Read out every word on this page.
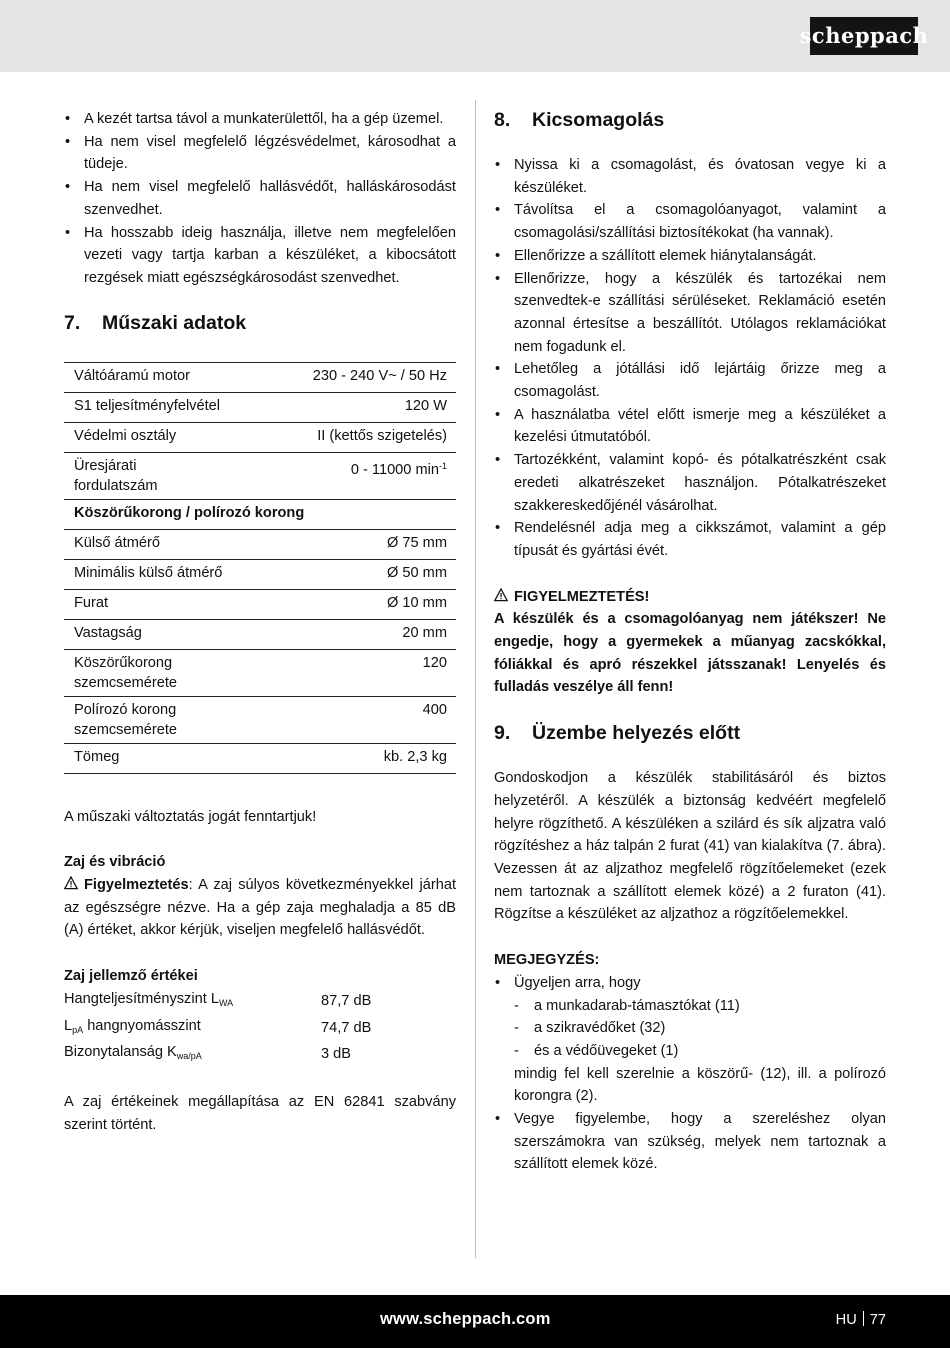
scheppach
• A kezét tartsa távol a munkaterülettől, ha a gép üzemel.
• Ha nem visel megfelelő légzésvédelmet, károsodhat a tüdeje.
• Ha nem visel megfelelő hallásvédőt, halláskárosodást szenvedhet.
• Ha hosszabb ideig használja, illetve nem megfelelően vezeti vagy tartja karban a készüléket, a kibocsátott rezgések miatt egészségkárosodást szenvedhet.
7. Műszaki adatok
Váltóáramú motor	230 - 240 V~ / 50 Hz
S1 teljesítményfelvétel	120 W
Védelmi osztály	II (kettős szigetelés)
Üresjárati fordulatszám	0 - 11000 $\min^{-1}$
Köszörűkorong / polírozó korong	
Külső átmérő	Ø 75 mm
Minimális külső átmérő	Ø 50 mm
Furat	Ø 10 mm
Vastagság	20 mm
Köszörűkorong szemcsemérete	120
Polírozó korong szemcsemérete	400
Tömeg	kb. 2,3 kg

A műszaki változtatás jogát fenntartjuk!

Zaj és vibráció

Figyelmeztetés: A zaj súlyos következményekkel járhat az egészségre nézve. Ha a gép zaja meghaladja a 85 dB (A) értéket, akkor kérjük, viseljen megfelelő hallásvédőt.

Zaj jellemző értékei

Hangteljesítményszint $L_{WA}$	87,7 dB
$L_{pA}$ hangnyomásszint	74,7 dB
Bizonytalanság $K_{wa/pA}$	3 dB

A zaj értékeinek megállapítása az EN 62841 szabvány szerint történt.

8. Kicsomagolás
• Nyissa ki a csomagolást, és óvatosan vegye ki a készüléket.
• Távolítsa el a csomagolóanyagot, valamint a csomagolási/szállítási biztosítékokat (ha vannak).
• Ellenőrizze a szállított elemek hiánytalanságát.
• Ellenőrizze, hogy a készülék és tartozékai nem szenvedtek-e szállítási sérüléseket. Reklamáció esetén azonnal értesítse a beszállítót. Utólagos reklamációkat nem fogadunk el.
• Lehetőleg a jótállási idő lejártáig őrizze meg a csomagolást.
• A használatba vétel előtt ismerje meg a készüléket a kezelési útmutatóból.
• Tartozékként, valamint kopó- és pótalkatrészként csak eredeti alkatrészeket használjon. Pótalkatrészeket szakkereskedőjénél vásárolhat.
• Rendelésnél adja meg a cikkszámot, valamint a gép típusát és gyártási évét.

FIGYELMEZTETÉS!

A készülék és a csomagolóanyag nem játékszer! Ne engedje, hogy a gyermekek a műanyag zacskókkal, fóliákkal és apró részekkel játsszanak! Lenyelés és fulladás veszélye áll fenn!

9. Üzembe helyezés előtt

Gondoskodjon a készülék stabilitásáról és biztos helyzetéről. A készülék a biztonság kedvéért megfelelő helyre rögzíthető. A készüléken a szilárd és sík aljzatra való rögzítéshez a ház talpán 2 furat (41) van kialakítva (7. ábra). Vezessen át az aljzathoz megfelelő rögzítőelemeket (ezek nem tartoznak a szállított elemek közé) a 2 furaton (41). Rögzítse a készüléket az aljzathoz a rögzítőelemekkel.

MEGJEGYZÉS:

• Ügyeljen arra, hogy
- a munkadarab-támasztókat (11)
- a szikravédőket (32)
- és a védőüvegeket (1)
mindig fel kell szerelnie a köszörű- (12), ill. a polírozó korongra (2).
• Vegye figyelembe, hogy a szereléshez olyan szerszámokra van szükség, melyek nem tartoznak a szállított elemek közé.
www.scheppach.com	HU 77
